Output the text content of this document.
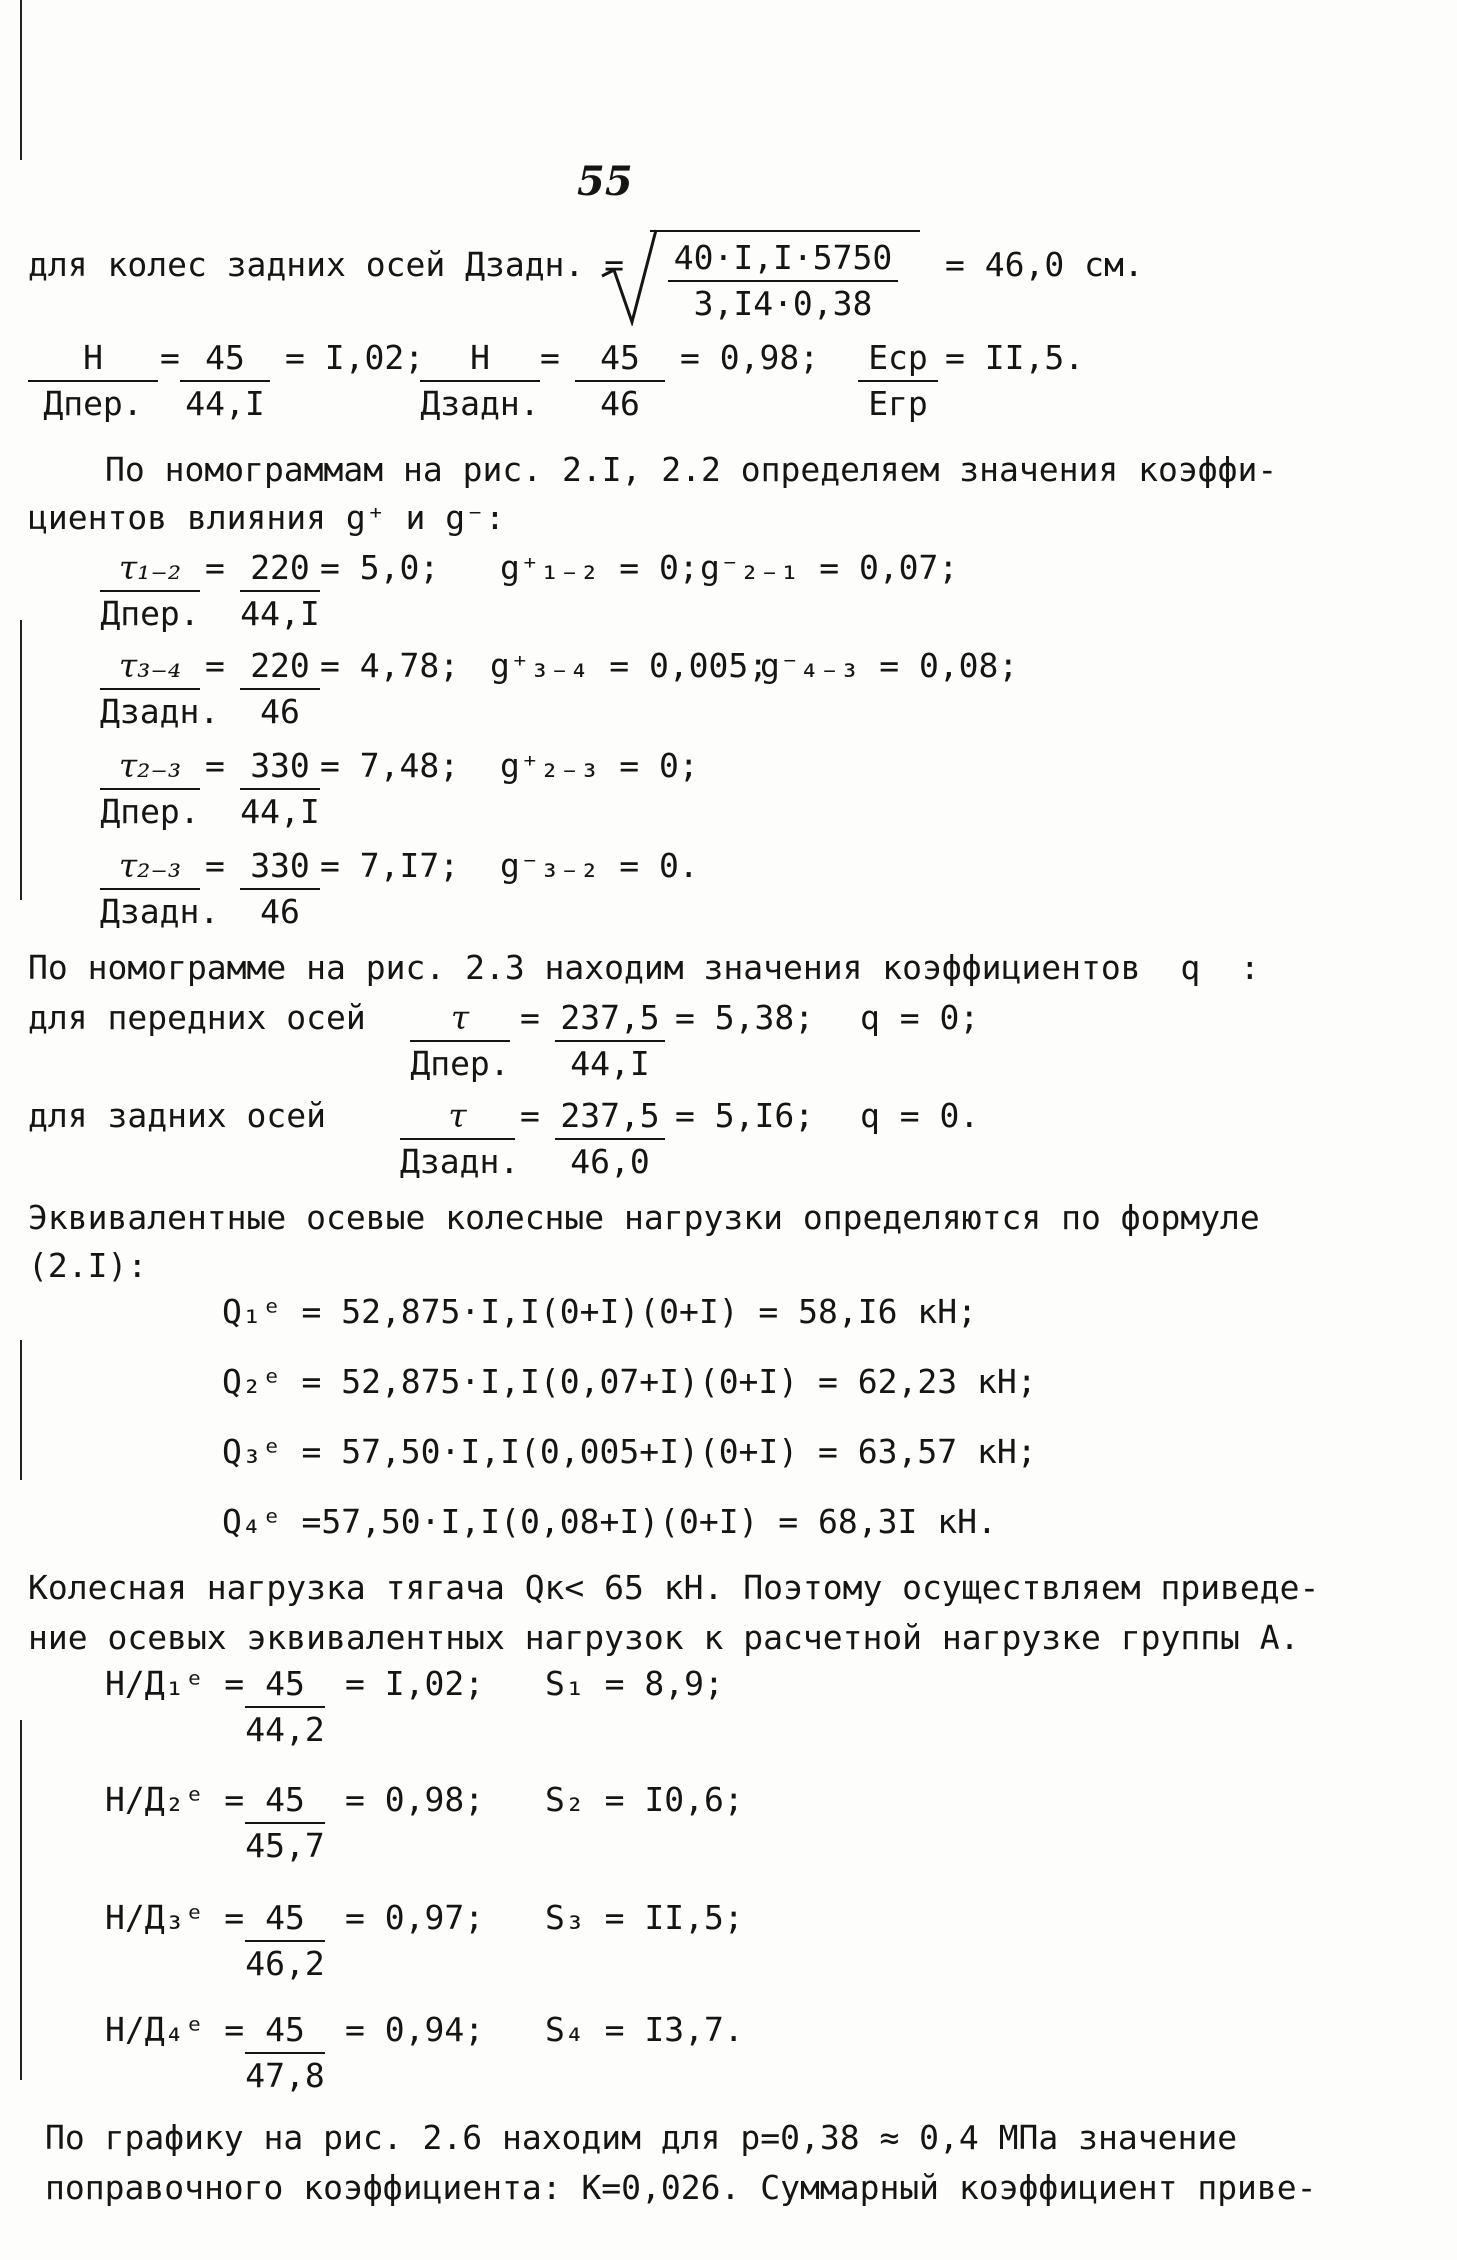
55
для колес задних осей Дзадн. = $\frac{40\cdot I,I\cdot 5750}{3,I4\cdot 0,38} = 46,0$ см.
H
Дпер.
= $\frac{45}{44,I} = I,02$;	H
Дзадн.
= $\frac{45}{46} = 0,98$;	Eср
Eгр
= II,5.
По номограммам на рис. 2.I, 2.2 определяем значения коэффи-
циентов влияния g⁺ и g⁻:
τ₁₋₂
Дпер.
= $\frac{220}{44,I} = 5,0$; g⁺₁₋₂ = 0; g⁻₂₋₁ = 0,07;
τ₃₋₄
Дзадн.
= $\frac{220}{46} = 4,78$; g⁺₃₋₄ = 0,005;
g⁻₄₋₃ = 0,08;
τ₂₋₃
Дпер.
= $\frac{330}{44,I} = 7,48$; g⁺₂₋₃ = 0;
τ₂₋₃
Дзадн.
= $\frac{330}{46} = 7,I7$; g⁻₃₋₂ = 0.
По номограмме на рис. 2.3 находим значения коэффициентов  q  :
для передних осей	τ
Дпер.
= $\frac{237,5}{44,I} = 5,38$; q = 0;
для задних осей	τ
Дзадн.
= $\frac{237,5}{46,0} = 5,I6$; q = 0.
Эквивалентные осевые колесные нагрузки определяются по формуле
(2.I):
Q₁ᵉ = 52,875·I,I(0+I)(0+I) = 58,I6 кН;
Q₂ᵉ = 52,875·I,I(0,07+I)(0+I) = 62,23 кН;
Q₃ᵉ = 57,50·I,I(0,005+I)(0+I) = 63,57 кН;
Q₄ᵉ =57,50·I,I(0,08+I)(0+I) = 68,3I кН.
Колесная нагрузка тягача Qк< 65 кН. Поэтому осуществляем приведе-
ние осевых эквивалентных нагрузок к расчетной нагрузке группы A.
Н/Д₁ᵉ = $\frac{45}{44,2} = I,02$; S₁ = 8,9;
Н/Д₂ᵉ = $\frac{45}{45,7} = 0,98$; S₂ = I0,6;
Н/Д₃ᵉ = $\frac{45}{46,2} = 0,97$; S₃ = II,5;
Н/Д₄ᵉ = $\frac{45}{47,8} = 0,94$; S₄ = I3,7.
По графику на рис. 2.6 находим для p=0,38 ≈ 0,4 МПа значение
поправочного коэффициента: K=0,026. Суммарный коэффициент приве-
